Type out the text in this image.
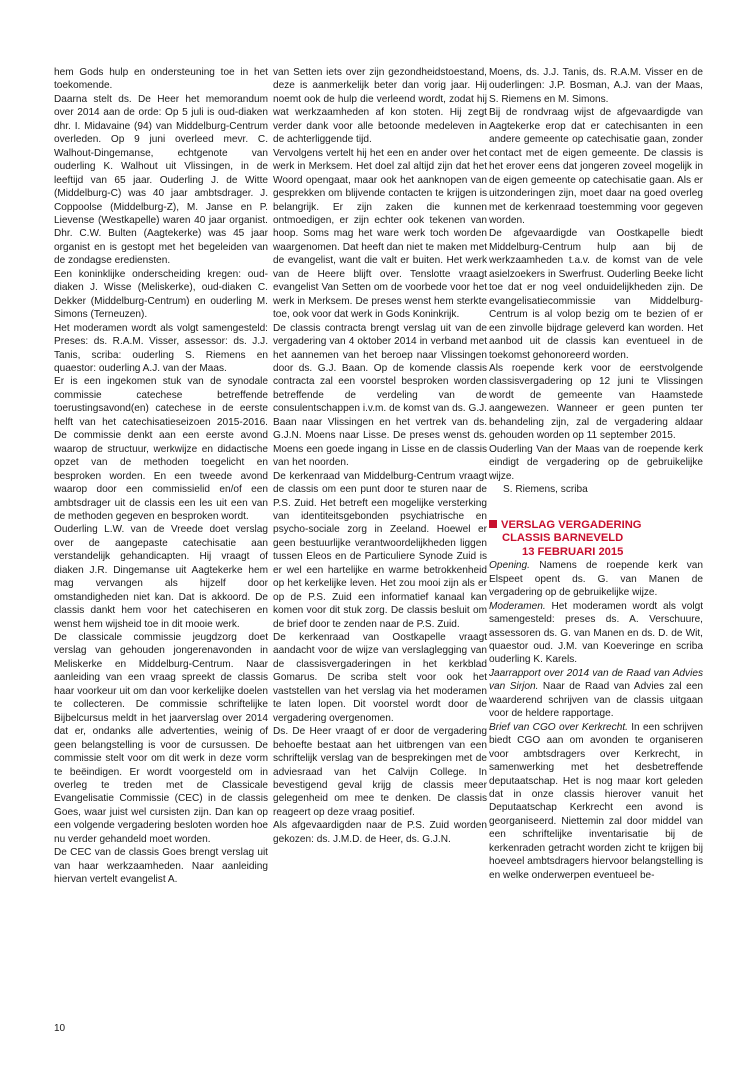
hem Gods hulp en ondersteuning toe in het toekomende.

Daarna stelt ds. De Heer het memorandum over 2014 aan de orde: Op 5 juli is oud-diaken dhr. I. Midavaine (94) van Middelburg-Centrum overleden. Op 9 juni overleed mevr. C. Walhout-Dingemanse, echtgenote van ouderling K. Walhout uit Vlissingen, in de leeftijd van 65 jaar. Ouderling J. de Witte (Middelburg-C) was 40 jaar ambtsdrager. J. Coppoolse (Middelburg-Z), M. Janse en P. Lievense (Westkapelle) waren 40 jaar organist. Dhr. C.W. Bulten (Aagtekerke) was 45 jaar organist en is gestopt met het begeleiden van de zondagse erediensten.

Een koninklijke onderscheiding kregen: oud-diaken J. Wisse (Meliskerke), oud-diaken C. Dekker (Middelburg-Centrum) en ouderling M. Simons (Terneuzen).

Het moderamen wordt als volgt samengesteld: Preses: ds. R.A.M. Visser, assessor: ds. J.J. Tanis, scriba: ouderling S. Riemens en quaestor: ouderling A.J. van der Maas.

Er is een ingekomen stuk van de synodale commissie catechese betreffende toerustingsavond(en) catechese in de eerste helft van het catechisatieseizoen 2015-2016. De commissie denkt aan een eerste avond waarop de structuur, werkwijze en didactische opzet van de methoden toegelicht en besproken worden. En een tweede avond waarop door een commissielid en/of een ambtsdrager uit de classis een les uit een van de methoden gegeven en besproken wordt.

Ouderling L.W. van de Vreede doet verslag over de aangepaste catechisatie aan verstandelijk gehandicapten. Hij vraagt of diaken J.R. Dingemanse uit Aagtekerke hem mag vervangen als hijzelf door omstandigheden niet kan. Dat is akkoord. De classis dankt hem voor het catechiseren en wenst hem wijsheid toe in dit mooie werk.

De classicale commissie jeugdzorg doet verslag van gehouden jongerenavonden in Meliskerke en Middelburg-Centrum. Naar aanleiding van een vraag spreekt de classis haar voorkeur uit om dan voor kerkelijke doelen te collecteren. De commissie schriftelijke Bijbelcursus meldt in het jaarverslag over 2014 dat er, ondanks alle advertenties, weinig of geen belangstelling is voor de cursussen. De commissie stelt voor om dit werk in deze vorm te beëindigen. Er wordt voorgesteld om in overleg te treden met de Classicale Evangelisatie Commissie (CEC) in de classis Goes, waar juist wel cursisten zijn. Dan kan op een volgende vergadering besloten worden hoe nu verder gehandeld moet worden.

De CEC van de classis Goes brengt verslag uit van haar werkzaamheden. Naar aanleiding hiervan vertelt evangelist A.

van Setten iets over zijn gezondheidstoestand, deze is aanmerkelijk beter dan vorig jaar. Hij noemt ook de hulp die verleend wordt, zodat hij wat werkzaamheden af kon stoten. Hij zegt verder dank voor alle betoonde medeleven in de achterliggende tijd.

Vervolgens vertelt hij het een en ander over het werk in Merksem. Het doel zal altijd zijn dat het Woord opengaat, maar ook het aanknopen van gesprekken om blijvende contacten te krijgen is belangrijk. Er zijn zaken die kunnen ontmoedigen, er zijn echter ook tekenen van hoop. Soms mag het ware werk toch worden waargenomen. Dat heeft dan niet te maken met de evangelist, want die valt er buiten. Het werk van de Heere blijft over. Tenslotte vraagt evangelist Van Setten om de voorbede voor het werk in Merksem. De preses wenst hem sterkte toe, ook voor dat werk in Gods Koninkrijk.

De classis contracta brengt verslag uit van de vergadering van 4 oktober 2014 in verband met het aannemen van het beroep naar Vlissingen door ds. G.J. Baan. Op de komende classis contracta zal een voorstel besproken worden betreffende de verdeling van de consulentschappen i.v.m. de komst van ds. G.J. Baan naar Vlissingen en het vertrek van ds. G.J.N. Moens naar Lisse. De preses wenst ds. Moens een goede ingang in Lisse en de classis van het noorden.

De kerkenraad van Middelburg-Centrum vraagt de classis om een punt door te sturen naar de P.S. Zuid. Het betreft een mogelijke versterking van identiteitsgebonden psychiatrische en psycho-sociale zorg in Zeeland. Hoewel er geen bestuurlijke verantwoordelijkheden liggen tussen Eleos en de Particuliere Synode Zuid is er wel een hartelijke en warme betrokkenheid op het kerkelijke leven. Het zou mooi zijn als er op de P.S. Zuid een informatief kanaal kan komen voor dit stuk zorg. De classis besluit om de brief door te zenden naar de P.S. Zuid.

De kerkenraad van Oostkapelle vraagt aandacht voor de wijze van verslaglegging van de classisvergaderingen in het kerkblad Gomarus. De scriba stelt voor ook het vaststellen van het verslag via het moderamen te laten lopen. Dit voorstel wordt door de vergadering overgenomen.

Ds. De Heer vraagt of er door de vergadering behoefte bestaat aan het uitbrengen van een schriftelijk verslag van de besprekingen met de adviesraad van het Calvijn College. In bevestigend geval krijg de classis meer gelegenheid om mee te denken. De classis reageert op deze vraag positief.

Als afgevaardigden naar de P.S. Zuid worden gekozen: ds. J.M.D. de Heer, ds. G.J.N.

Moens, ds. J.J. Tanis, ds. R.A.M. Visser en de ouderlingen: J.P. Bosman, A.J. van der Maas, S. Riemens en M. Simons.

Bij de rondvraag wijst de afgevaardigde van Aagtekerke erop dat er catechisanten in een andere gemeente op catechisatie gaan, zonder contact met de eigen gemeente. De classis is het erover eens dat jongeren zoveel mogelijk in de eigen gemeente op catechisatie gaan. Als er uitzonderingen zijn, moet daar na goed overleg met de kerkenraad toestemming voor gegeven worden.

De afgevaardigde van Oostkapelle biedt Middelburg-Centrum hulp aan bij de werkzaamheden t.a.v. de komst van de vele asielzoekers in Swerfrust. Ouderling Beeke licht toe dat er nog veel onduidelijkheden zijn. De evangelisatiecommissie van Middelburg-Centrum is al volop bezig om te bezien of er een zinvolle bijdrage geleverd kan worden. Het aanbod uit de classis kan eventueel in de toekomst gehonoreerd worden.

Als roepende kerk voor de eerstvolgende classisvergadering op 12 juni te Vlissingen wordt de gemeente van Haamstede aangewezen. Wanneer er geen punten ter behandeling zijn, zal de vergadering aldaar gehouden worden op 11 september 2015.

Ouderling Van der Maas van de roepende kerk eindigt de vergadering op de gebruikelijke wijze.

S. Riemens, scriba

VERSLAG VERGADERING
CLASSIS BARNEVELD
13 FEBRUARI 2015

Opening. Namens de roepende kerk van Elspeet opent ds. G. van Manen de vergadering op de gebruikelijke wijze.

Moderamen. Het moderamen wordt als volgt samengesteld: preses ds. A. Verschuure, assessoren ds. G. van Manen en ds. D. de Wit, quaestor oud. J.M. van Koeveringe en scriba ouderling K. Karels.

Jaarrapport over 2014 van de Raad van Advies van Sirjon. Naar de Raad van Advies zal een waarderend schrijven van de classis uitgaan voor de heldere rapportage.

Brief van CGO over Kerkrecht. In een schrijven biedt CGO aan om avonden te organiseren voor ambtsdragers over Kerkrecht, in samenwerking met het desbetreffende deputaatschap. Het is nog maar kort geleden dat in onze classis hierover vanuit het Deputaatschap Kerkrecht een avond is georganiseerd. Niettemin zal door middel van een schriftelijke inventarisatie bij de kerkenraden getracht worden zicht te krijgen bij hoeveel ambtsdragers hiervoor belangstelling is en welke onderwerpen eventueel be-

10
